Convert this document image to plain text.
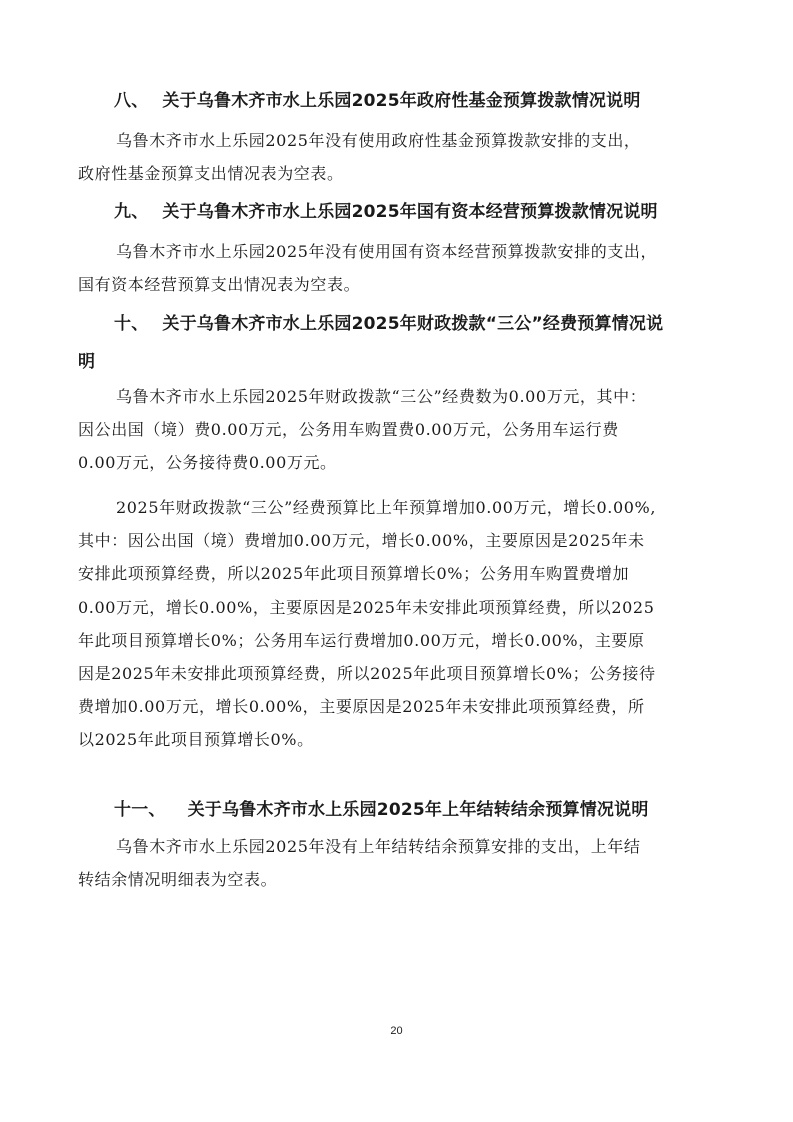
八、 关于乌鲁木齐市水上乐园2025年政府性基金预算拨款情况说明
乌鲁木齐市水上乐园2025年没有使用政府性基金预算拨款安排的支出，
政府性基金预算支出情况表为空表。
九、 关于乌鲁木齐市水上乐园2025年国有资本经营预算拨款情况说明
乌鲁木齐市水上乐园2025年没有使用国有资本经营预算拨款安排的支出，
国有资本经营预算支出情况表为空表。
十、 关于乌鲁木齐市水上乐园2025年财政拨款“三公”经费预算情况说
明
乌鲁木齐市水上乐园2025年财政拨款“三公”经费数为0.00万元，其中：
因公出国（境）费0.00万元，公务用车购置费0.00万元，公务用车运行费
0.00万元，公务接待费0.00万元。
2025年财政拨款“三公”经费预算比上年预算增加0.00万元，增长0.00%,
其中：因公出国（境）费增加0.00万元，增长0.00%，主要原因是2025年未
安排此项预算经费，所以2025年此项目预算增长0%；公务用车购置费增加
0.00万元，增长0.00%，主要原因是2025年未安排此项预算经费，所以2025
年此项目预算增长0%；公务用车运行费增加0.00万元，增长0.00%，主要原
因是2025年未安排此项预算经费，所以2025年此项目预算增长0%；公务接待
费增加0.00万元，增长0.00%，主要原因是2025年未安排此项预算经费，所
以2025年此项目预算增长0%。
十一、 关于乌鲁木齐市水上乐园2025年上年结转结余预算情况说明
乌鲁木齐市水上乐园2025年没有上年结转结余预算安排的支出，上年结
转结余情况明细表为空表。
20
